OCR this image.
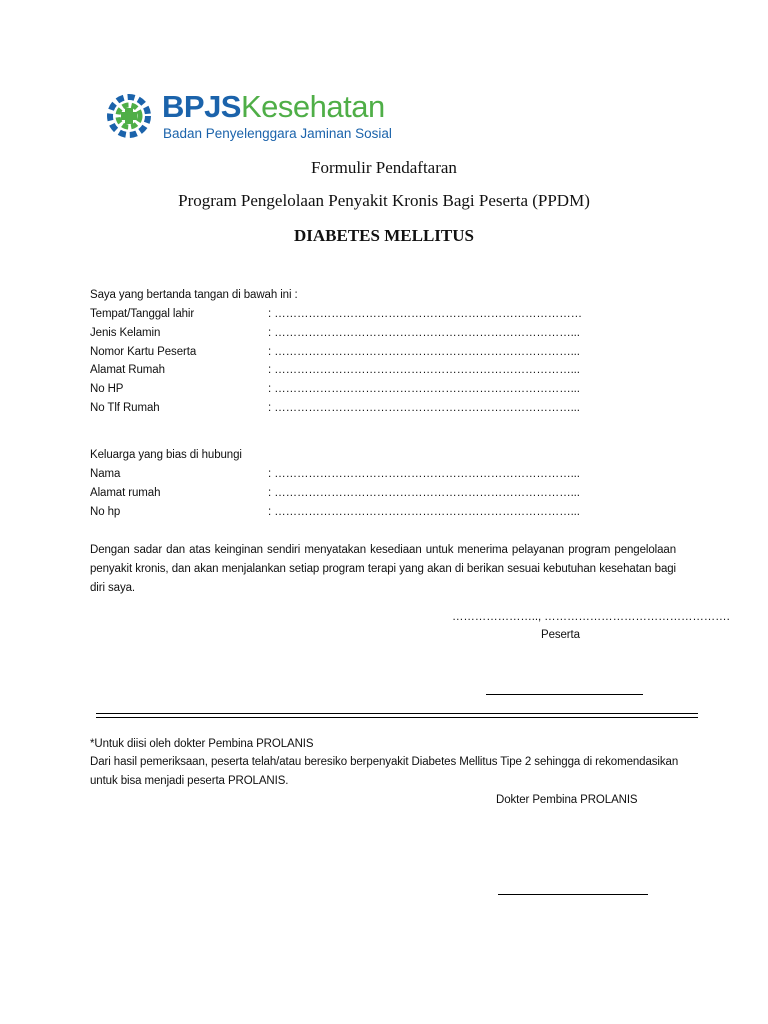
BPJSKesehatan
Badan Penyelenggara Jaminan Sosial
Formulir Pendaftaran
Program Pengelolaan Penyakit Kronis Bagi Peserta (PPDM)
DIABETES MELLITUS
Saya yang bertanda tangan di bawah ini :
Tempat/Tanggal lahir	: ………………………………………………………………………
Jenis Kelamin	: ……………………………………………………………………...
Nomor Kartu Peserta	: ……………………………………………………………………...
Alamat Rumah	: ……………………………………………………………………...
No HP	: ……………………………………………………………………...
No Tlf Rumah	: ……………………………………………………………………...
Keluarga yang bias di hubungi
Nama	: ……………………………………………………………………...
Alamat rumah	: ……………………………………………………………………...
No hp	: ……………………………………………………………………...
Dengan sadar dan atas keinginan sendiri menyatakan kesediaan untuk menerima pelayanan program pengelolaan penyakit kronis, dan akan menjalankan setiap program terapi yang akan di berikan sesuai kebutuhan kesehatan bagi diri saya.
………………….., ………………………………………….
Peserta
*Untuk diisi oleh dokter Pembina PROLANIS
Dari hasil pemeriksaan, peserta telah/atau beresiko berpenyakit Diabetes Mellitus Tipe 2 sehingga di rekomendasikan untuk bisa menjadi peserta PROLANIS.
Dokter Pembina PROLANIS
